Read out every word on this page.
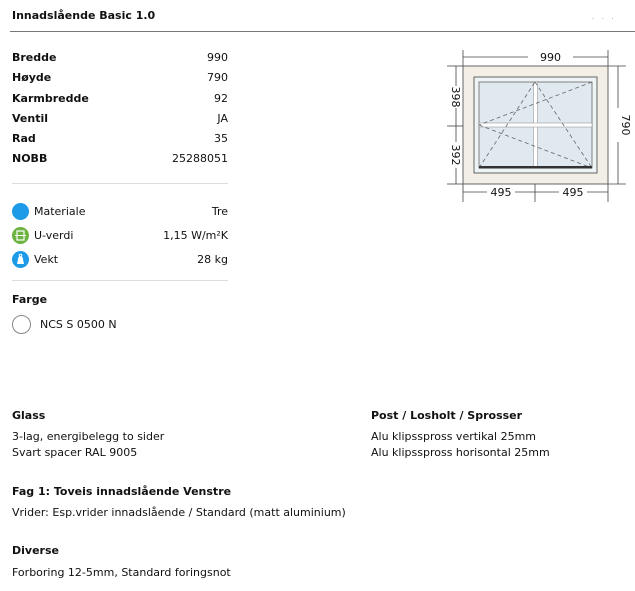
Innadslående Basic 1.0	· · ·
Bredde	990
Høyde	790
Karmbredde	92
Ventil	JA
Rad	35
NOBB	25288051
Materiale	Tre
U-verdi	1,15 W/m²K
Vekt	28 kg
Farge
NCS S 0500 N
990
495	495
398
392
790
Glass
3-lag, energibelegg to sider
Svart spacer RAL 9005
Post / Losholt / Sprosser
Alu klipsspross vertikal 25mm
Alu klipsspross horisontal 25mm
Fag 1: Toveis innadslående Venstre
Vrider: Esp.vrider innadslående / Standard (matt aluminium)
Diverse
Forboring 12-5mm, Standard foringsnot
